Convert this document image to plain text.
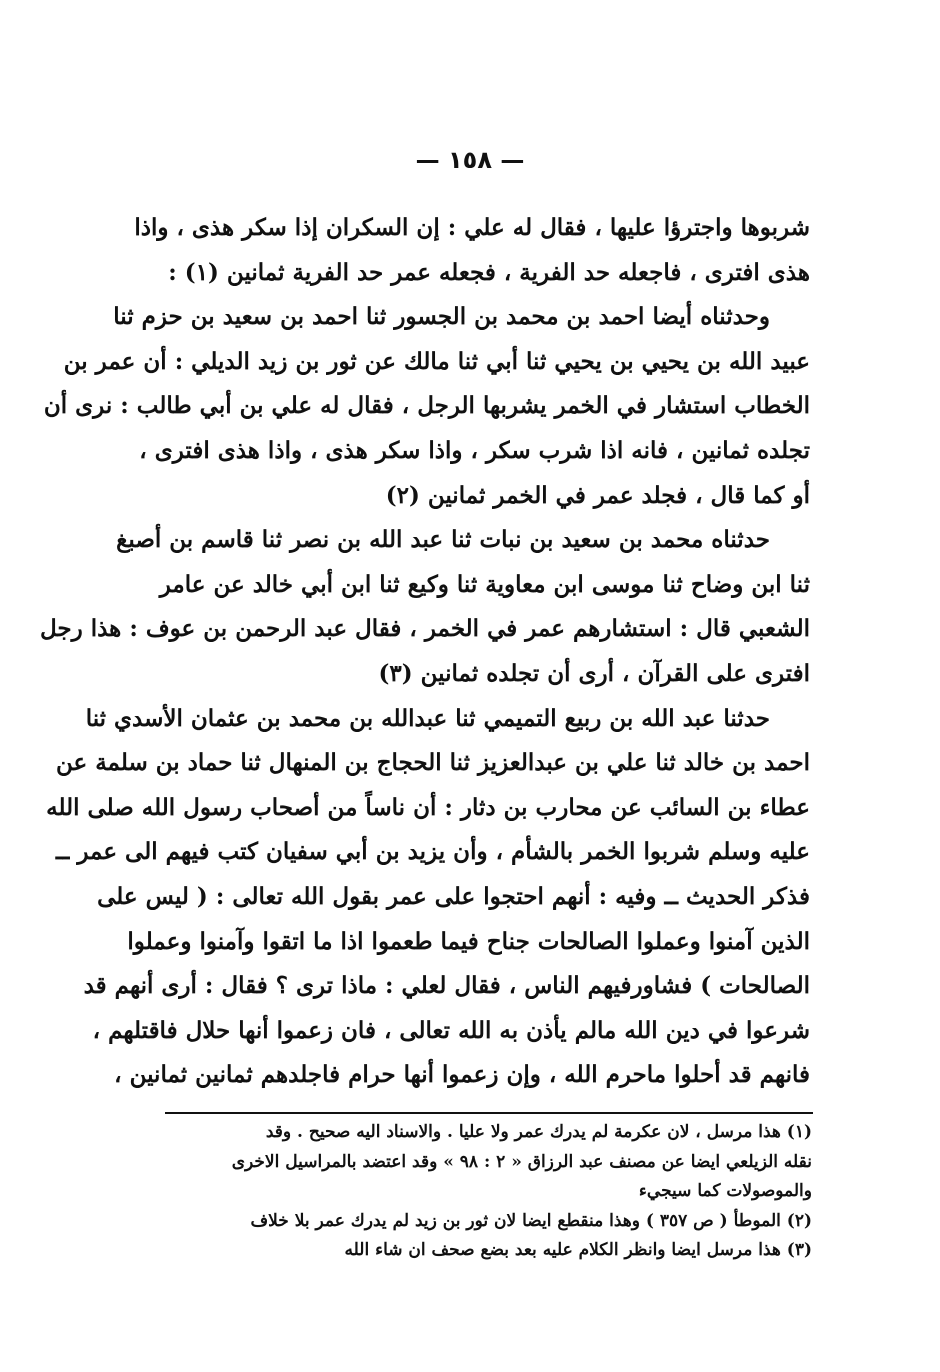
— ١٥٨ —
شربوها واجترؤا عليها ، فقال له علي : إن السكران إذا سكر هذى ، واذا
هذى افترى ، فاجعله حد الفرية ، فجعله عمر حد الفرية ثمانين (١) :
وحدثناه أيضا احمد بن محمد بن الجسور ثنا احمد بن سعيد بن حزم ثنا
عبيد الله بن يحيي بن يحيي ثنا أبي ثنا مالك عن ثور بن زيد الديلي : أن عمر بن
الخطاب استشار في الخمر يشربها الرجل ، فقال له علي بن أبي طالب : نرى أن
تجلده ثمانين ، فانه اذا شرب سكر ، واذا سكر هذى ، واذا هذى افترى ،
أو كما قال ، فجلد عمر في الخمر ثمانين (٢)
حدثناه محمد بن سعيد بن نبات ثنا عبد الله بن نصر ثنا قاسم بن أصبغ
ثنا ابن وضاح ثنا موسى ابن معاوية ثنا وكيع ثنا ابن أبي خالد عن عامر
الشعبي قال : استشارهم عمر في الخمر ، فقال عبد الرحمن بن عوف : هذا رجل
افترى على القرآن ، أرى أن تجلده ثمانين (٣)
حدثنا عبد الله بن ربيع التميمي ثنا عبدالله بن محمد بن عثمان الأسدي ثنا
احمد بن خالد ثنا علي بن عبدالعزيز ثنا الحجاج بن المنهال ثنا حماد بن سلمة عن
عطاء بن السائب عن محارب بن دثار : أن ناساً من أصحاب رسول الله صلى الله
عليه وسلم شربوا الخمر بالشأم ، وأن يزيد بن أبي سفيان كتب فيهم الى عمر ــ
فذكر الحديث ــ وفيه : أنهم احتجوا على عمر بقول الله تعالى : ( ليس على
الذين آمنوا وعملوا الصالحات جناح فيما طعموا اذا ما اتقوا وآمنوا وعملوا
الصالحات ) فشاورفيهم الناس ، فقال لعلي : ماذا ترى ؟ فقال : أرى أنهم قد
شرعوا في دين الله مالم يأذن به الله تعالى ، فان زعموا أنها حلال فاقتلهم ،
فانهم قد أحلوا ماحرم الله ، وإن زعموا أنها حرام فاجلدهم ثمانين ثمانين ،
(١) هذا مرسل ، لان عكرمة لم يدرك عمر ولا عليا . والاسناد اليه صحيح . وقد
نقله الزيلعي ايضا عن مصنف عبد الرزاق « ٢ : ٩٨ » وقد اعتضد بالمراسيل الاخرى
والموصولات كما سيجيء
(٢) الموطأ ( ص ٣٥٧ ) وهذا منقطع ايضا لان ثور بن زيد لم يدرك عمر بلا خلاف
(٣) هذا مرسل ايضا وانظر الكلام عليه بعد بضع صحف ان شاء الله
